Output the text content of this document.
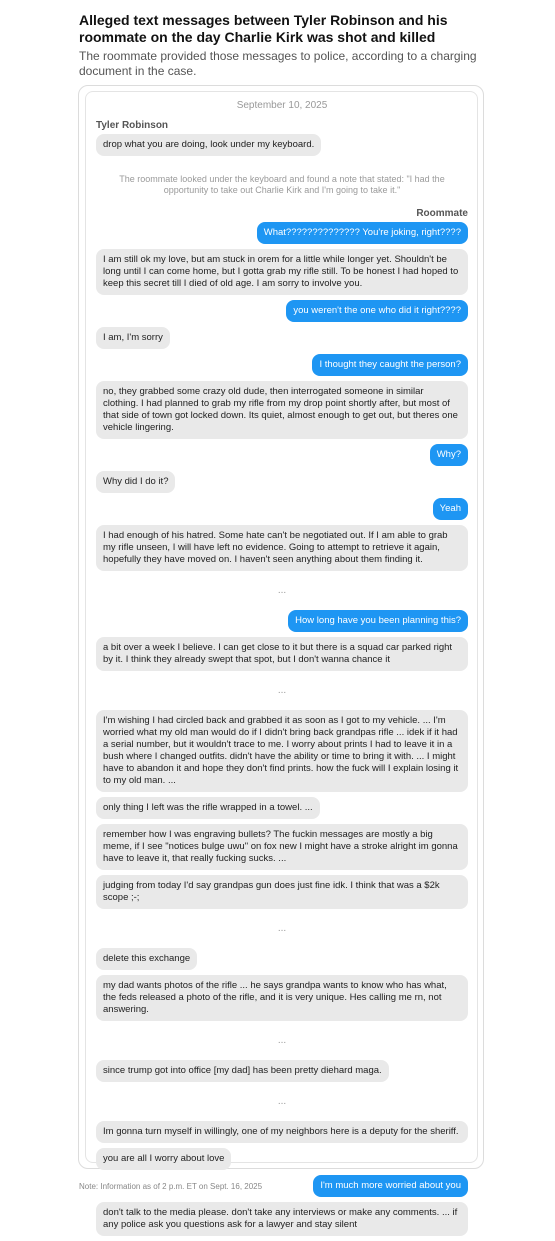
Alleged text messages between Tyler Robinson and his roommate on the day Charlie Kirk was shot and killed

The roommate provided those messages to police, according to a charging document in the case.

September 10, 2025
Tyler Robinson
drop what you are doing, look under my keyboard.
The roommate looked under the keyboard and found a note that stated: "I had the opportunity to take out Charlie Kirk and I'm going to take it."
Roommate
What?????????????? You're joking, right????
I am still ok my love, but am stuck in orem for a little while longer yet. Shouldn't be long until I can come home, but I gotta grab my rifle still. To be honest I had hoped to keep this secret till I died of old age. I am sorry to involve you.
you weren't the one who did it right????
I am, I'm sorry
I thought they caught the person?
no, they grabbed some crazy old dude, then interrogated someone in similar clothing. I had planned to grab my rifle from my drop point shortly after, but most of that side of town got locked down. Its quiet, almost enough to get out, but theres one vehicle lingering.
Why?
Why did I do it?
Yeah
I had enough of his hatred. Some hate can't be negotiated out. If I am able to grab my rifle unseen, I will have left no evidence. Going to attempt to retrieve it again, hopefully they have moved on. I haven't seen anything about them finding it.
...
How long have you been planning this?
a bit over a week I believe. I can get close to it but there is a squad car parked right by it. I think they already swept that spot, but I don't wanna chance it
...
I'm wishing I had circled back and grabbed it as soon as I got to my vehicle. ... I'm worried what my old man would do if I didn't bring back grandpas rifle ... idek if it had a serial number, but it wouldn't trace to me. I worry about prints I had to leave it in a bush where I changed outfits. didn't have the ability or time to bring it with. ... I might have to abandon it and hope they don't find prints. how the fuck will I explain losing it to my old man. ...
only thing I left was the rifle wrapped in a towel. ...
remember how I was engraving bullets? The fuckin messages are mostly a big meme, if I see "notices bulge uwu" on fox new I might have a stroke alright im gonna have to leave it, that really fucking sucks. ...
judging from today I'd say grandpas gun does just fine idk. I think that was a $2k scope ;-;
...
delete this exchange
my dad wants photos of the rifle ... he says grandpa wants to know who has what, the feds released a photo of the rifle, and it is very unique. Hes calling me rn, not answering.
...
since trump got into office [my dad] has been pretty diehard maga.
...
Im gonna turn myself in willingly, one of my neighbors here is a deputy for the sheriff.
you are all I worry about love
I'm much more worried about you
don't talk to the media please. don't take any interviews or make any comments. ... if any police ask you questions ask for a lawyer and stay silent
Note: Information as of 2 p.m. ET on Sept. 16, 2025
